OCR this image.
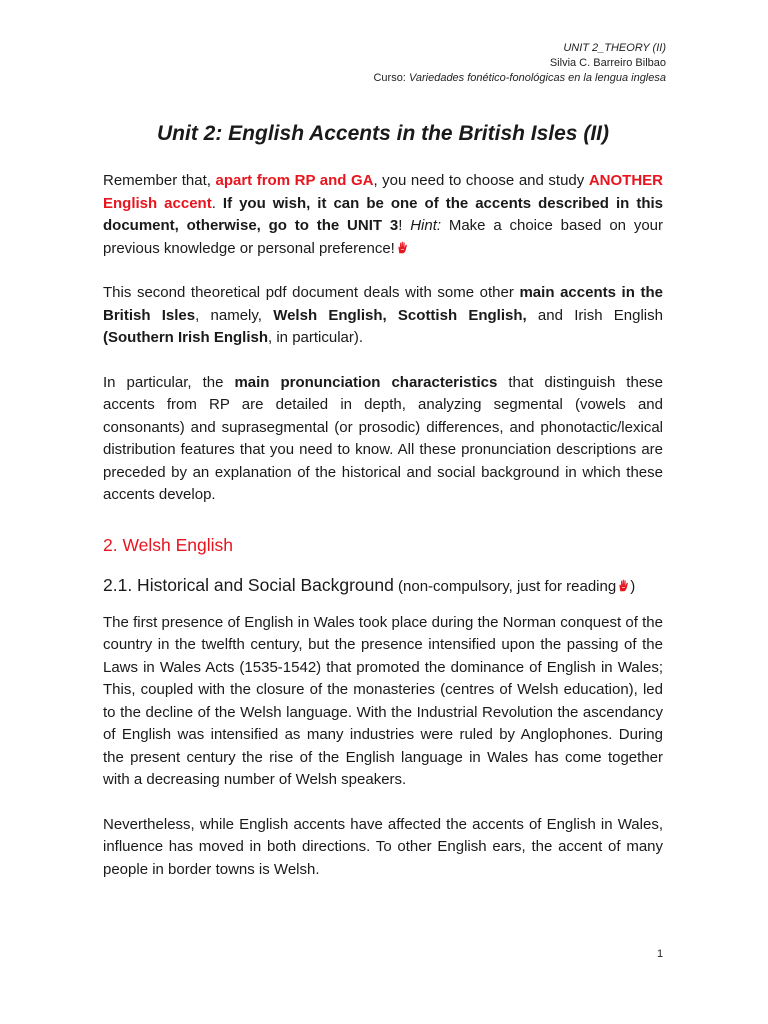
UNIT 2_THEORY (II)
Silvia C. Barreiro Bilbao
Curso: Variedades fonético-fonológicas en la lengua inglesa
Unit 2: English Accents in the British Isles (II)

Remember that, apart from RP and GA, you need to choose and study ANOTHER English accent. If you wish, it can be one of the accents described in this document, otherwise, go to the UNIT 3! Hint: Make a choice based on your previous knowledge or personal preference!

This second theoretical pdf document deals with some other main accents in the British Isles, namely, Welsh English, Scottish English, and Irish English (Southern Irish English, in particular).

In particular, the main pronunciation characteristics that distinguish these accents from RP are detailed in depth, analyzing segmental (vowels and consonants) and suprasegmental (or prosodic) differences, and phonotactic/lexical distribution features that you need to know. All these pronunciation descriptions are preceded by an explanation of the historical and social background in which these accents develop.

2. Welsh English
2.1. Historical and Social Background (non-compulsory, just for reading )

The first presence of English in Wales took place during the Norman conquest of the country in the twelfth century, but the presence intensified upon the passing of the Laws in Wales Acts (1535-1542) that promoted the dominance of English in Wales; This, coupled with the closure of the monasteries (centres of Welsh education), led to the decline of the Welsh language. With the Industrial Revolution the ascendancy of English was intensified as many industries were ruled by Anglophones. During the present century the rise of the English language in Wales has come together with a decreasing number of Welsh speakers.

Nevertheless, while English accents have affected the accents of English in Wales, influence has moved in both directions. To other English ears, the accent of many people in border towns is Welsh.

1
